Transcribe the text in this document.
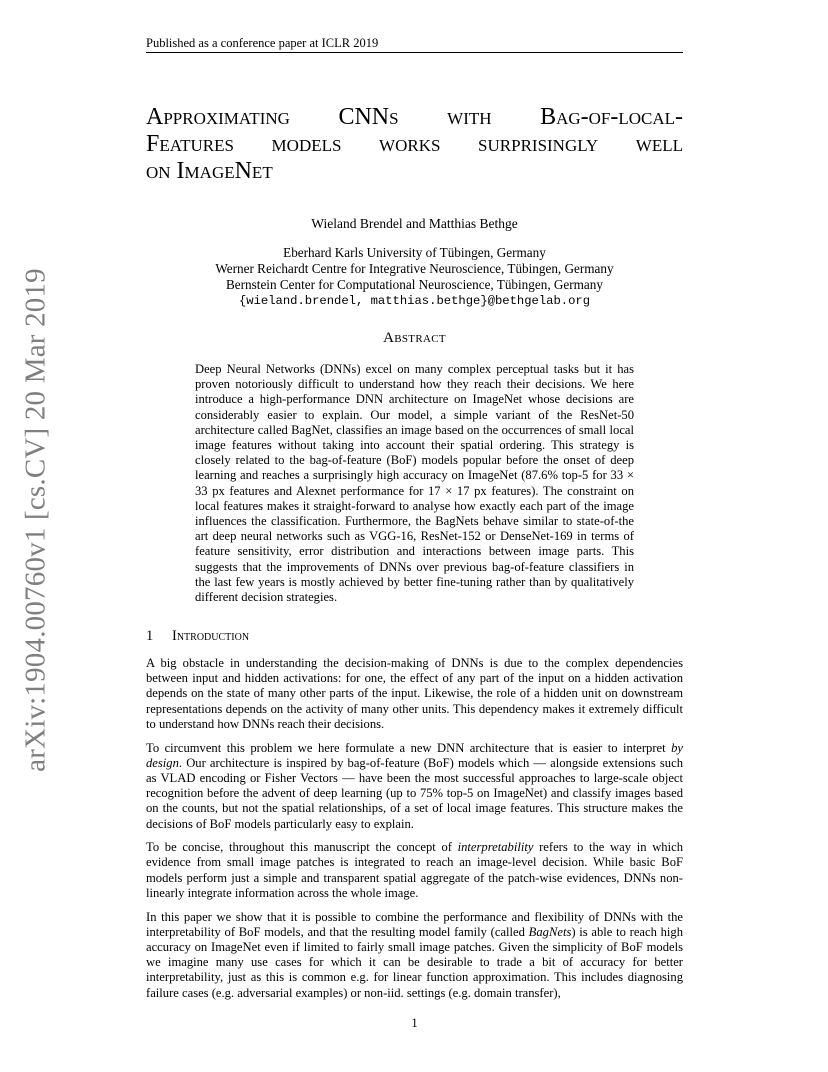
Published as a conference paper at ICLR 2019
arXiv:1904.00760v1 [cs.CV] 20 Mar 2019
Approximating CNNs with Bag-of-local-
Features models works surprisingly well
on ImageNet
Wieland Brendel and Matthias Bethge
Eberhard Karls University of Tübingen, Germany
Werner Reichardt Centre for Integrative Neuroscience, Tübingen, Germany
Bernstein Center for Computational Neuroscience, Tübingen, Germany
{wieland.brendel, matthias.bethge}@bethgelab.org
Abstract
Deep Neural Networks (DNNs) excel on many complex perceptual tasks but it has proven notoriously difficult to understand how they reach their decisions. We here introduce a high-performance DNN architecture on ImageNet whose decisions are considerably easier to explain. Our model, a simple variant of the ResNet-50 architecture called BagNet, classifies an image based on the occurrences of small local image features without taking into account their spatial ordering. This strategy is closely related to the bag-of-feature (BoF) models popular before the onset of deep learning and reaches a surprisingly high accuracy on ImageNet (87.6% top-5 for 33 × 33 px features and Alexnet performance for 17 × 17 px features). The constraint on local features makes it straight-forward to analyse how exactly each part of the image influences the classification. Furthermore, the BagNets behave similar to state-of-the art deep neural networks such as VGG-16, ResNet-152 or DenseNet-169 in terms of feature sensitivity, error distribution and interactions between image parts. This suggests that the improvements of DNNs over previous bag-of-feature classifiers in the last few years is mostly achieved by better fine-tuning rather than by qualitatively different decision strategies.
1 Introduction

A big obstacle in understanding the decision-making of DNNs is due to the complex dependencies between input and hidden activations: for one, the effect of any part of the input on a hidden activation depends on the state of many other parts of the input. Likewise, the role of a hidden unit on downstream representations depends on the activity of many other units. This dependency makes it extremely difficult to understand how DNNs reach their decisions.

To circumvent this problem we here formulate a new DNN architecture that is easier to interpret by design. Our architecture is inspired by bag-of-feature (BoF) models which — alongside extensions such as VLAD encoding or Fisher Vectors — have been the most successful approaches to large-scale object recognition before the advent of deep learning (up to 75% top-5 on ImageNet) and classify images based on the counts, but not the spatial relationships, of a set of local image features. This structure makes the decisions of BoF models particularly easy to explain.

To be concise, throughout this manuscript the concept of interpretability refers to the way in which evidence from small image patches is integrated to reach an image-level decision. While basic BoF models perform just a simple and transparent spatial aggregate of the patch-wise evidences, DNNs non-linearly integrate information across the whole image.

In this paper we show that it is possible to combine the performance and flexibility of DNNs with the interpretability of BoF models, and that the resulting model family (called BagNets) is able to reach high accuracy on ImageNet even if limited to fairly small image patches. Given the simplicity of BoF models we imagine many use cases for which it can be desirable to trade a bit of accuracy for better interpretability, just as this is common e.g. for linear function approximation. This includes diagnosing failure cases (e.g. adversarial examples) or non-iid. settings (e.g. domain transfer),

1
